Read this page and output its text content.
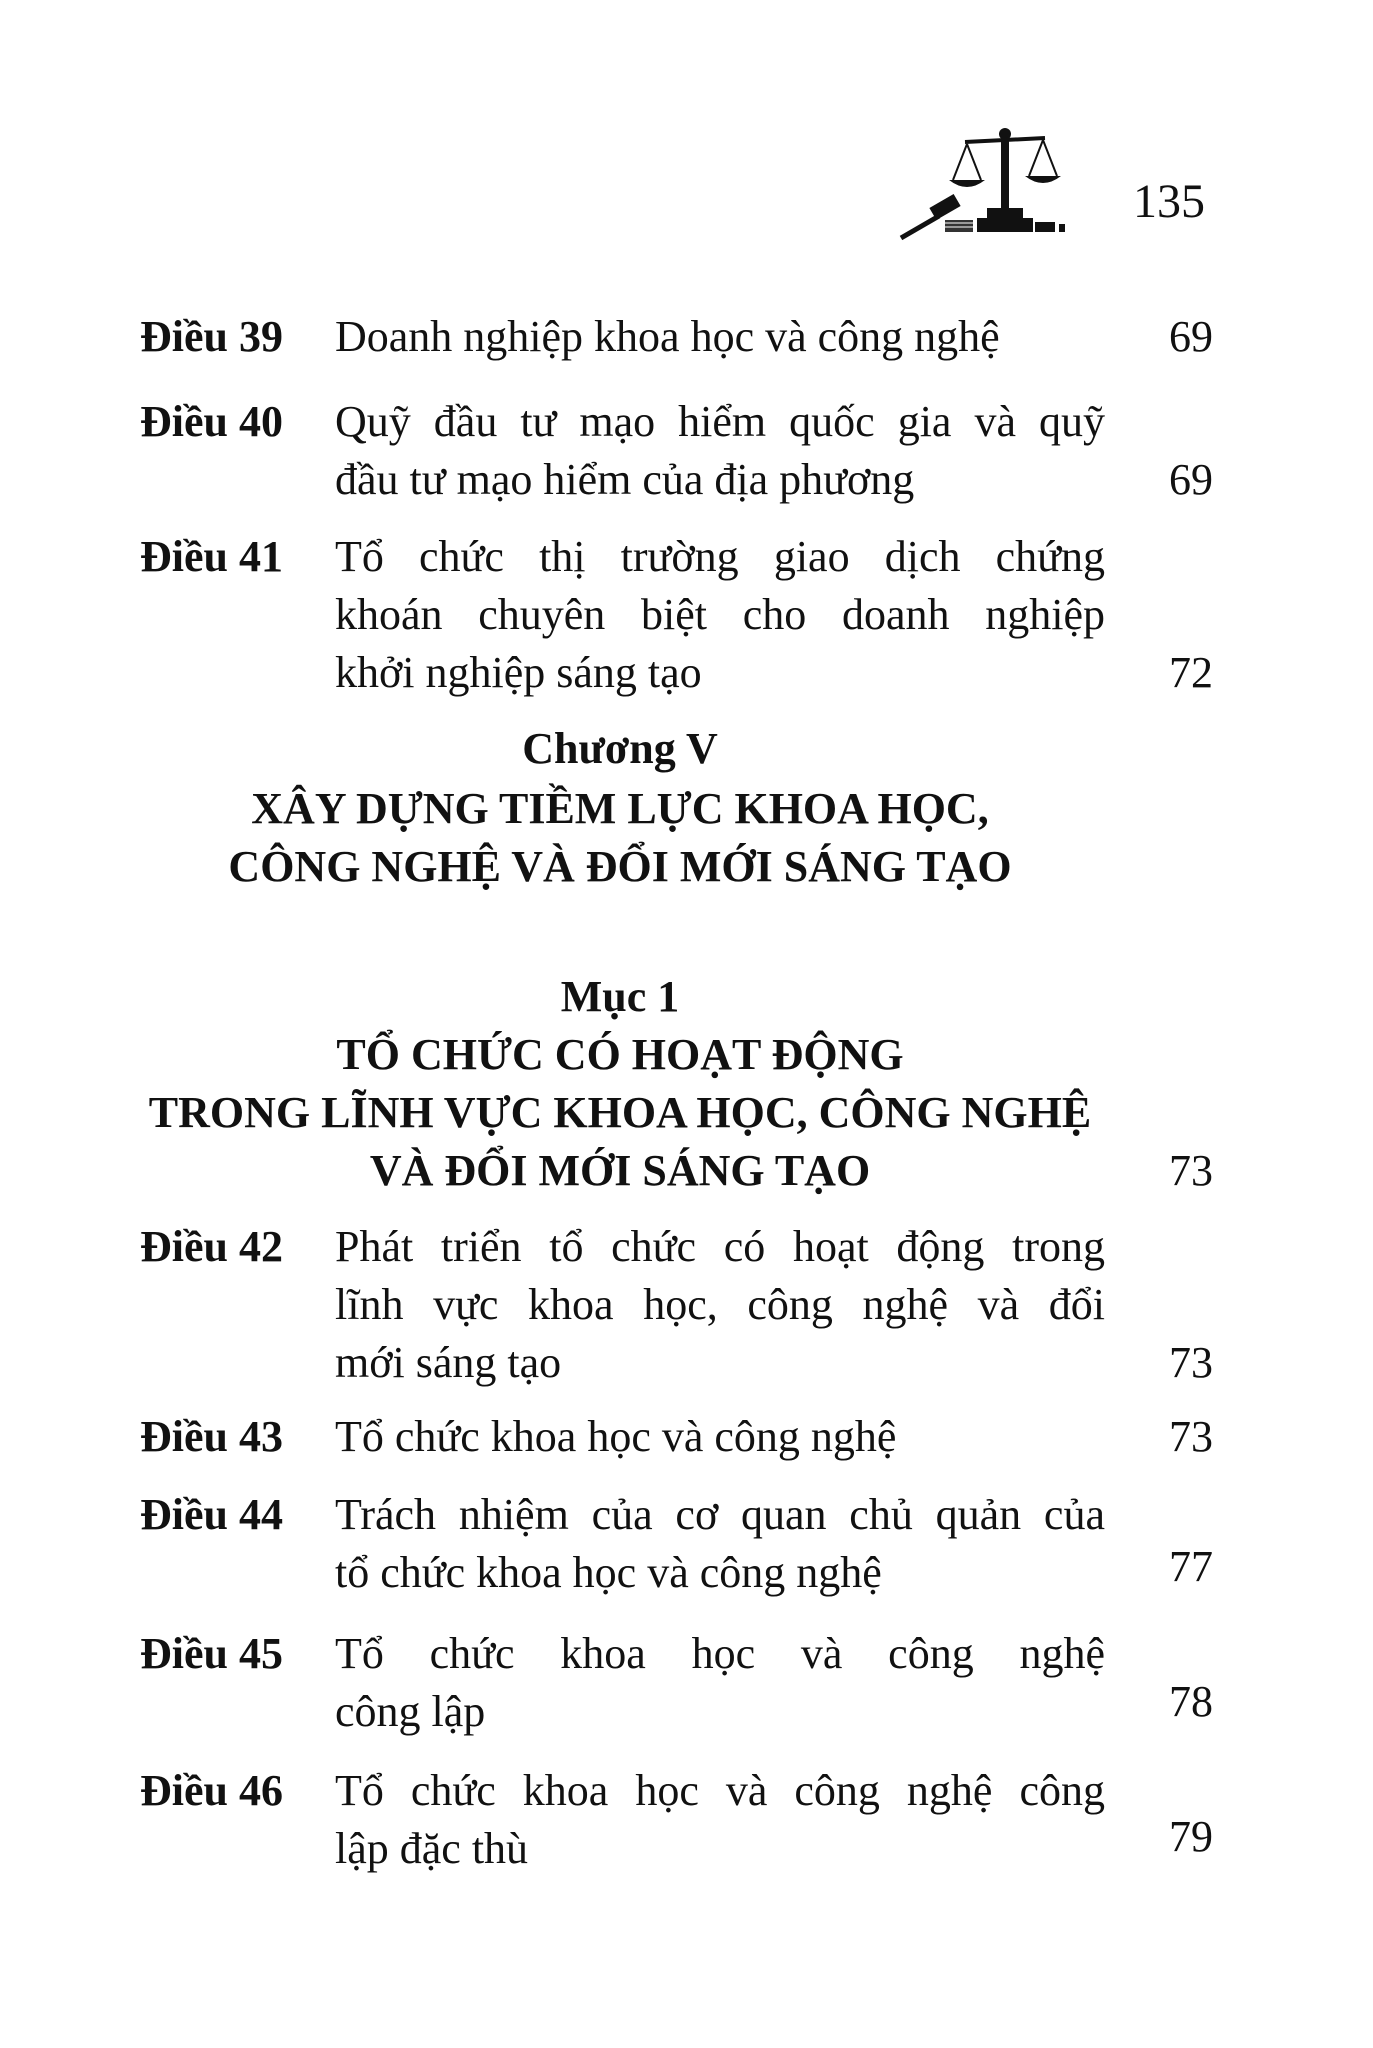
135
Điều 39 Doanh nghiệp khoa học và công nghệ	69
Điều 40 Quỹ đầu tư mạo hiểm quốc gia và quỹ
đầu tư mạo hiểm của địa phương	69
Điều 41 Tổ chức thị trường giao dịch chứng
khoán chuyên biệt cho doanh nghiệp
khởi nghiệp sáng tạo	72
Chương V
XÂY DỰNG TIỀM LỰC KHOA HỌC,
CÔNG NGHỆ VÀ ĐỔI MỚI SÁNG TẠO
Mục 1
TỔ CHỨC CÓ HOẠT ĐỘNG
TRONG LĨNH VỰC KHOA HỌC, CÔNG NGHỆ
VÀ ĐỔI MỚI SÁNG TẠO	73
Điều 42 Phát triển tổ chức có hoạt động trong
lĩnh vực khoa học, công nghệ và đổi
mới sáng tạo	73
Điều 43 Tổ chức khoa học và công nghệ	73
Điều 44 Trách nhiệm của cơ quan chủ quản của
tổ chức khoa học và công nghệ	77
Điều 45 Tổ chức khoa học và công nghệ
công lập	78
Điều 46 Tổ chức khoa học và công nghệ công
lập đặc thù	79
